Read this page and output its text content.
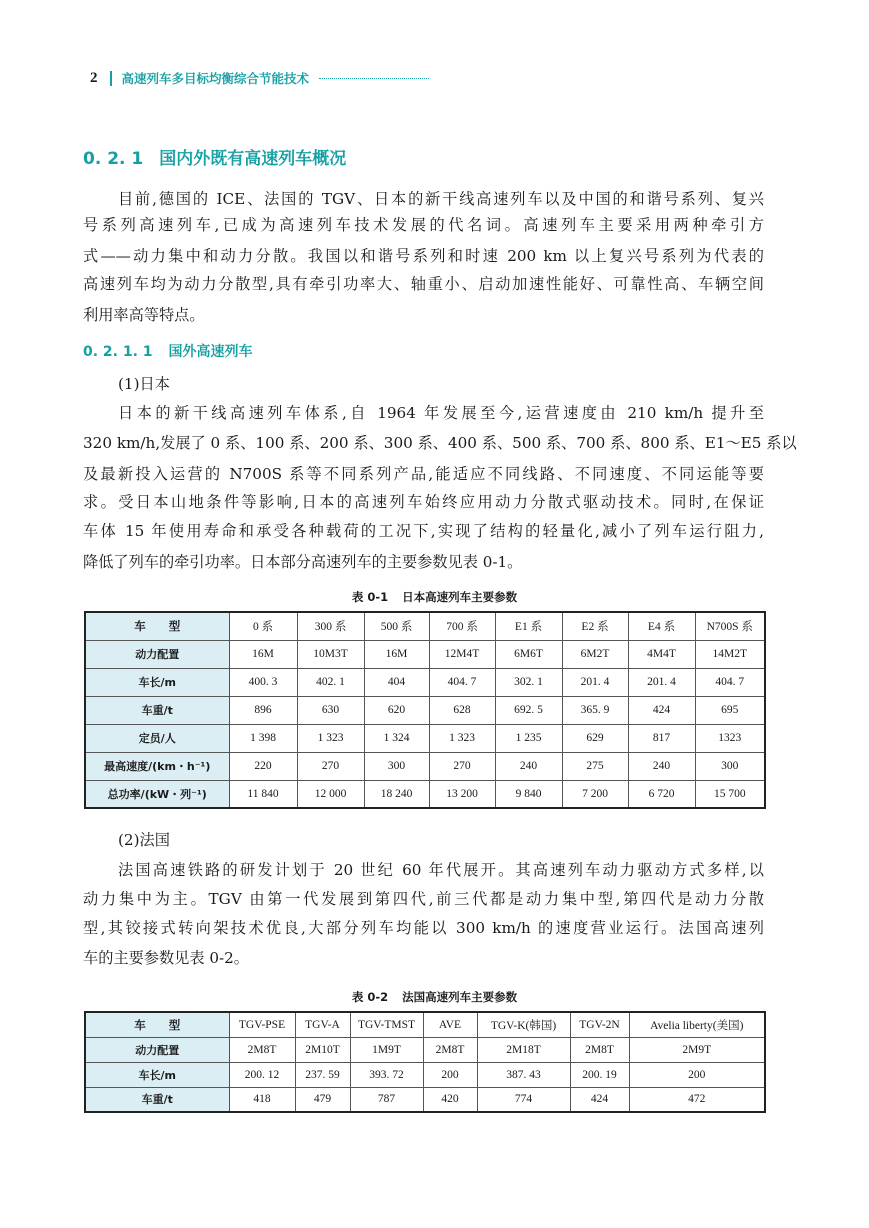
2 高速列车多目标均衡综合节能技术
0. 2. 1 国内外既有高速列车概况
目前,德国的 ICE、法国的 TGV、日本的新干线高速列车以及中国的和谐号系列、复兴
号系列高速列车,已成为高速列车技术发展的代名词。高速列车主要采用两种牵引方
式——动力集中和动力分散。我国以和谐号系列和时速 200 km 以上复兴号系列为代表的
高速列车均为动力分散型,具有牵引功率大、轴重小、启动加速性能好、可靠性高、车辆空间
利用率高等特点。
0. 2. 1. 1 国外高速列车
(1)日本
日本的新干线高速列车体系,自 1964 年发展至今,运营速度由 210 km/h 提升至
320 km/h,发展了 0 系、100 系、200 系、300 系、400 系、500 系、700 系、800 系、E1～E5 系以
及最新投入运营的 N700S 系等不同系列产品,能适应不同线路、不同速度、不同运能等要
求。受日本山地条件等影响,日本的高速列车始终应用动力分散式驱动技术。同时,在保证
车体 15 年使用寿命和承受各种载荷的工况下,实现了结构的轻量化,减小了列车运行阻力,
降低了列车的牵引功率。日本部分高速列车的主要参数见表 0-1。
表 0-1 日本高速列车主要参数
车　　型	0 系	300 系	500 系	700 系	E1 系	E2 系	E4 系	N700S 系
动力配置	16M	10M3T	16M	12M4T	6M6T	6M2T	4M4T	14M2T
车长/m	400. 3	402. 1	404	404. 7	302. 1	201. 4	201. 4	404. 7
车重/t	896	630	620	628	692. 5	365. 9	424	695
定员/人	1 398	1 323	1 324	1 323	1 235	629	817	1323
最高速度/(km・h⁻¹)	220	270	300	270	240	275	240	300
总功率/(kW・列⁻¹)	11 840	12 000	18 240	13 200	9 840	7 200	6 720	15 700
(2)法国
法国高速铁路的研发计划于 20 世纪 60 年代展开。其高速列车动力驱动方式多样,以
动力集中为主。TGV 由第一代发展到第四代,前三代都是动力集中型,第四代是动力分散
型,其铰接式转向架技术优良,大部分列车均能以 300 km/h 的速度营业运行。法国高速列
车的主要参数见表 0-2。
表 0-2 法国高速列车主要参数
车　　型	TGV-PSE	TGV-A	TGV-TMST	AVE	TGV-K(韩国)	TGV-2N	Avelia liberty(美国)
动力配置	2M8T	2M10T	1M9T	2M8T	2M18T	2M8T	2M9T
车长/m	200. 12	237. 59	393. 72	200	387. 43	200. 19	200
车重/t	418	479	787	420	774	424	472
